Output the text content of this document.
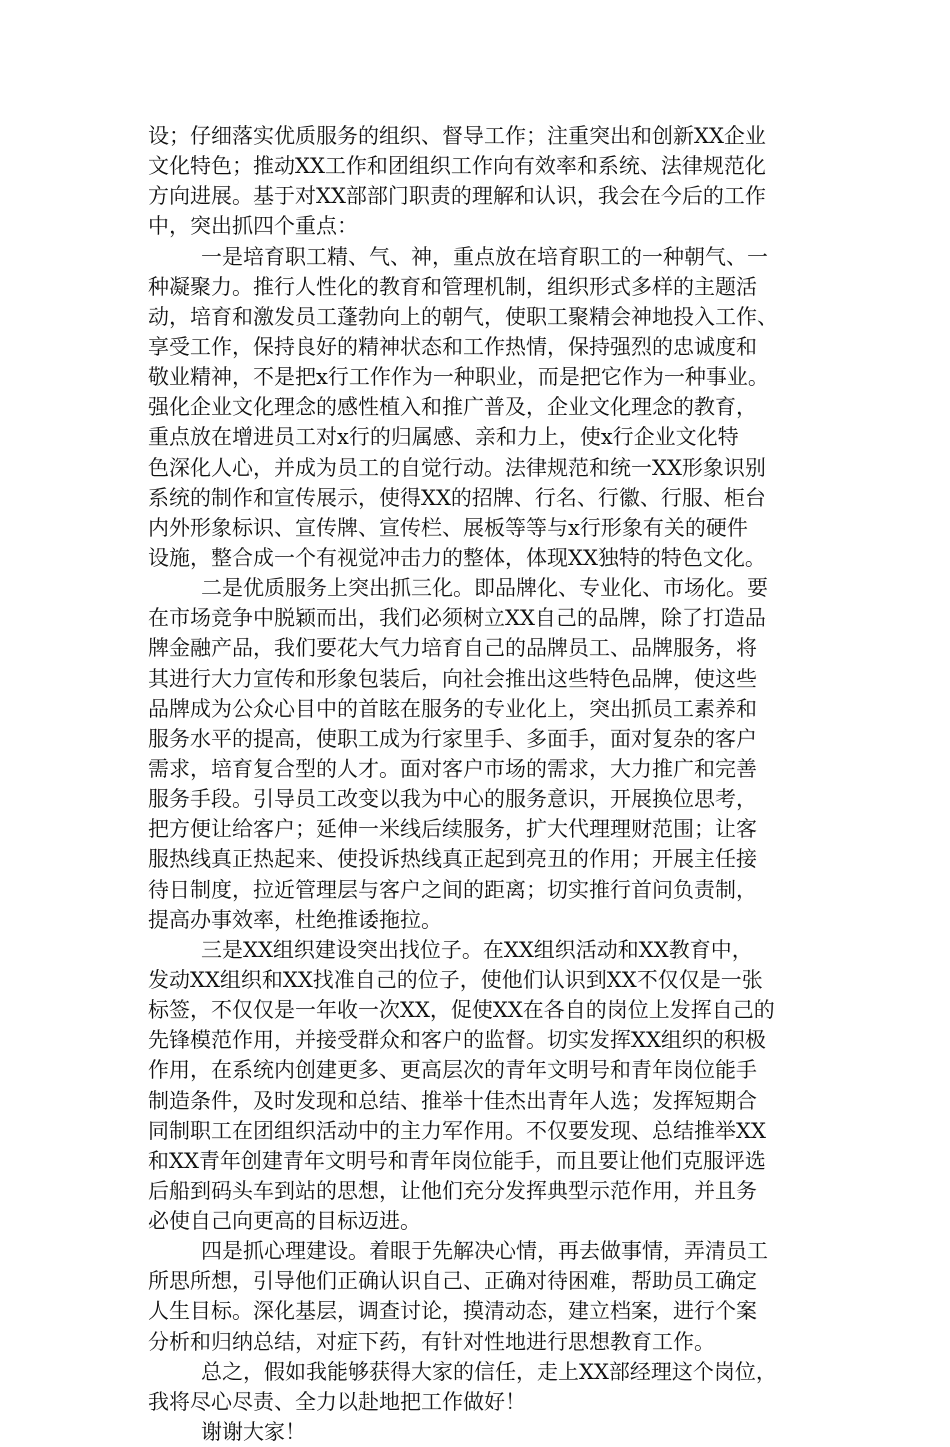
设；仔细落实优质服务的组织、督导工作；注重突出和创新XX企业
文化特色；推动XX工作和团组织工作向有效率和系统、法律规范化
方向进展。基于对XX部部门职责的理解和认识，我会在今后的工作
中，突出抓四个重点：
一是培育职工精、气、神，重点放在培育职工的一种朝气、一
种凝聚力。推行人性化的教育和管理机制，组织形式多样的主题活
动，培育和激发员工蓬勃向上的朝气，使职工聚精会神地投入工作、
享受工作，保持良好的精神状态和工作热情，保持强烈的忠诚度和
敬业精神，不是把x行工作作为一种职业，而是把它作为一种事业。
强化企业文化理念的感性植入和推广普及，企业文化理念的教育，
重点放在增进员工对x行的归属感、亲和力上，使x行企业文化特
色深化人心，并成为员工的自觉行动。法律规范和统一XX形象识别
系统的制作和宣传展示，使得XX的招牌、行名、行徽、行服、柜台
内外形象标识、宣传牌、宣传栏、展板等等与x行形象有关的硬件
设施，整合成一个有视觉冲击力的整体，体现XX独特的特色文化。
二是优质服务上突出抓三化。即品牌化、专业化、市场化。要
在市场竞争中脱颖而出，我们必须树立XX自己的品牌，除了打造品
牌金融产品，我们要花大气力培育自己的品牌员工、品牌服务，将
其进行大力宣传和形象包装后，向社会推出这些特色品牌，使这些
品牌成为公众心目中的首眩在服务的专业化上，突出抓员工素养和
服务水平的提高，使职工成为行家里手、多面手，面对复杂的客户
需求，培育复合型的人才。面对客户市场的需求，大力推广和完善
服务手段。引导员工改变以我为中心的服务意识，开展换位思考，
把方便让给客户；延伸一米线后续服务，扩大代理理财范围；让客
服热线真正热起来、使投诉热线真正起到亮丑的作用；开展主任接
待日制度，拉近管理层与客户之间的距离；切实推行首问负责制，
提高办事效率，杜绝推诿拖拉。
三是XX组织建设突出找位子。在XX组织活动和XX教育中，
发动XX组织和XX找准自己的位子，使他们认识到XX不仅仅是一张
标签，不仅仅是一年收一次XX，促使XX在各自的岗位上发挥自己的
先锋模范作用，并接受群众和客户的监督。切实发挥XX组织的积极
作用，在系统内创建更多、更高层次的青年文明号和青年岗位能手
制造条件，及时发现和总结、推举十佳杰出青年人选；发挥短期合
同制职工在团组织活动中的主力军作用。不仅要发现、总结推举XX
和XX青年创建青年文明号和青年岗位能手，而且要让他们克服评选
后船到码头车到站的思想，让他们充分发挥典型示范作用，并且务
必使自己向更高的目标迈进。
四是抓心理建设。着眼于先解决心情，再去做事情，弄清员工
所思所想，引导他们正确认识自己、正确对待困难，帮助员工确定
人生目标。深化基层，调查讨论，摸清动态，建立档案，进行个案
分析和归纳总结，对症下药，有针对性地进行思想教育工作。
总之，假如我能够获得大家的信任，走上XX部经理这个岗位，
我将尽心尽责、全力以赴地把工作做好！
谢谢大家！
